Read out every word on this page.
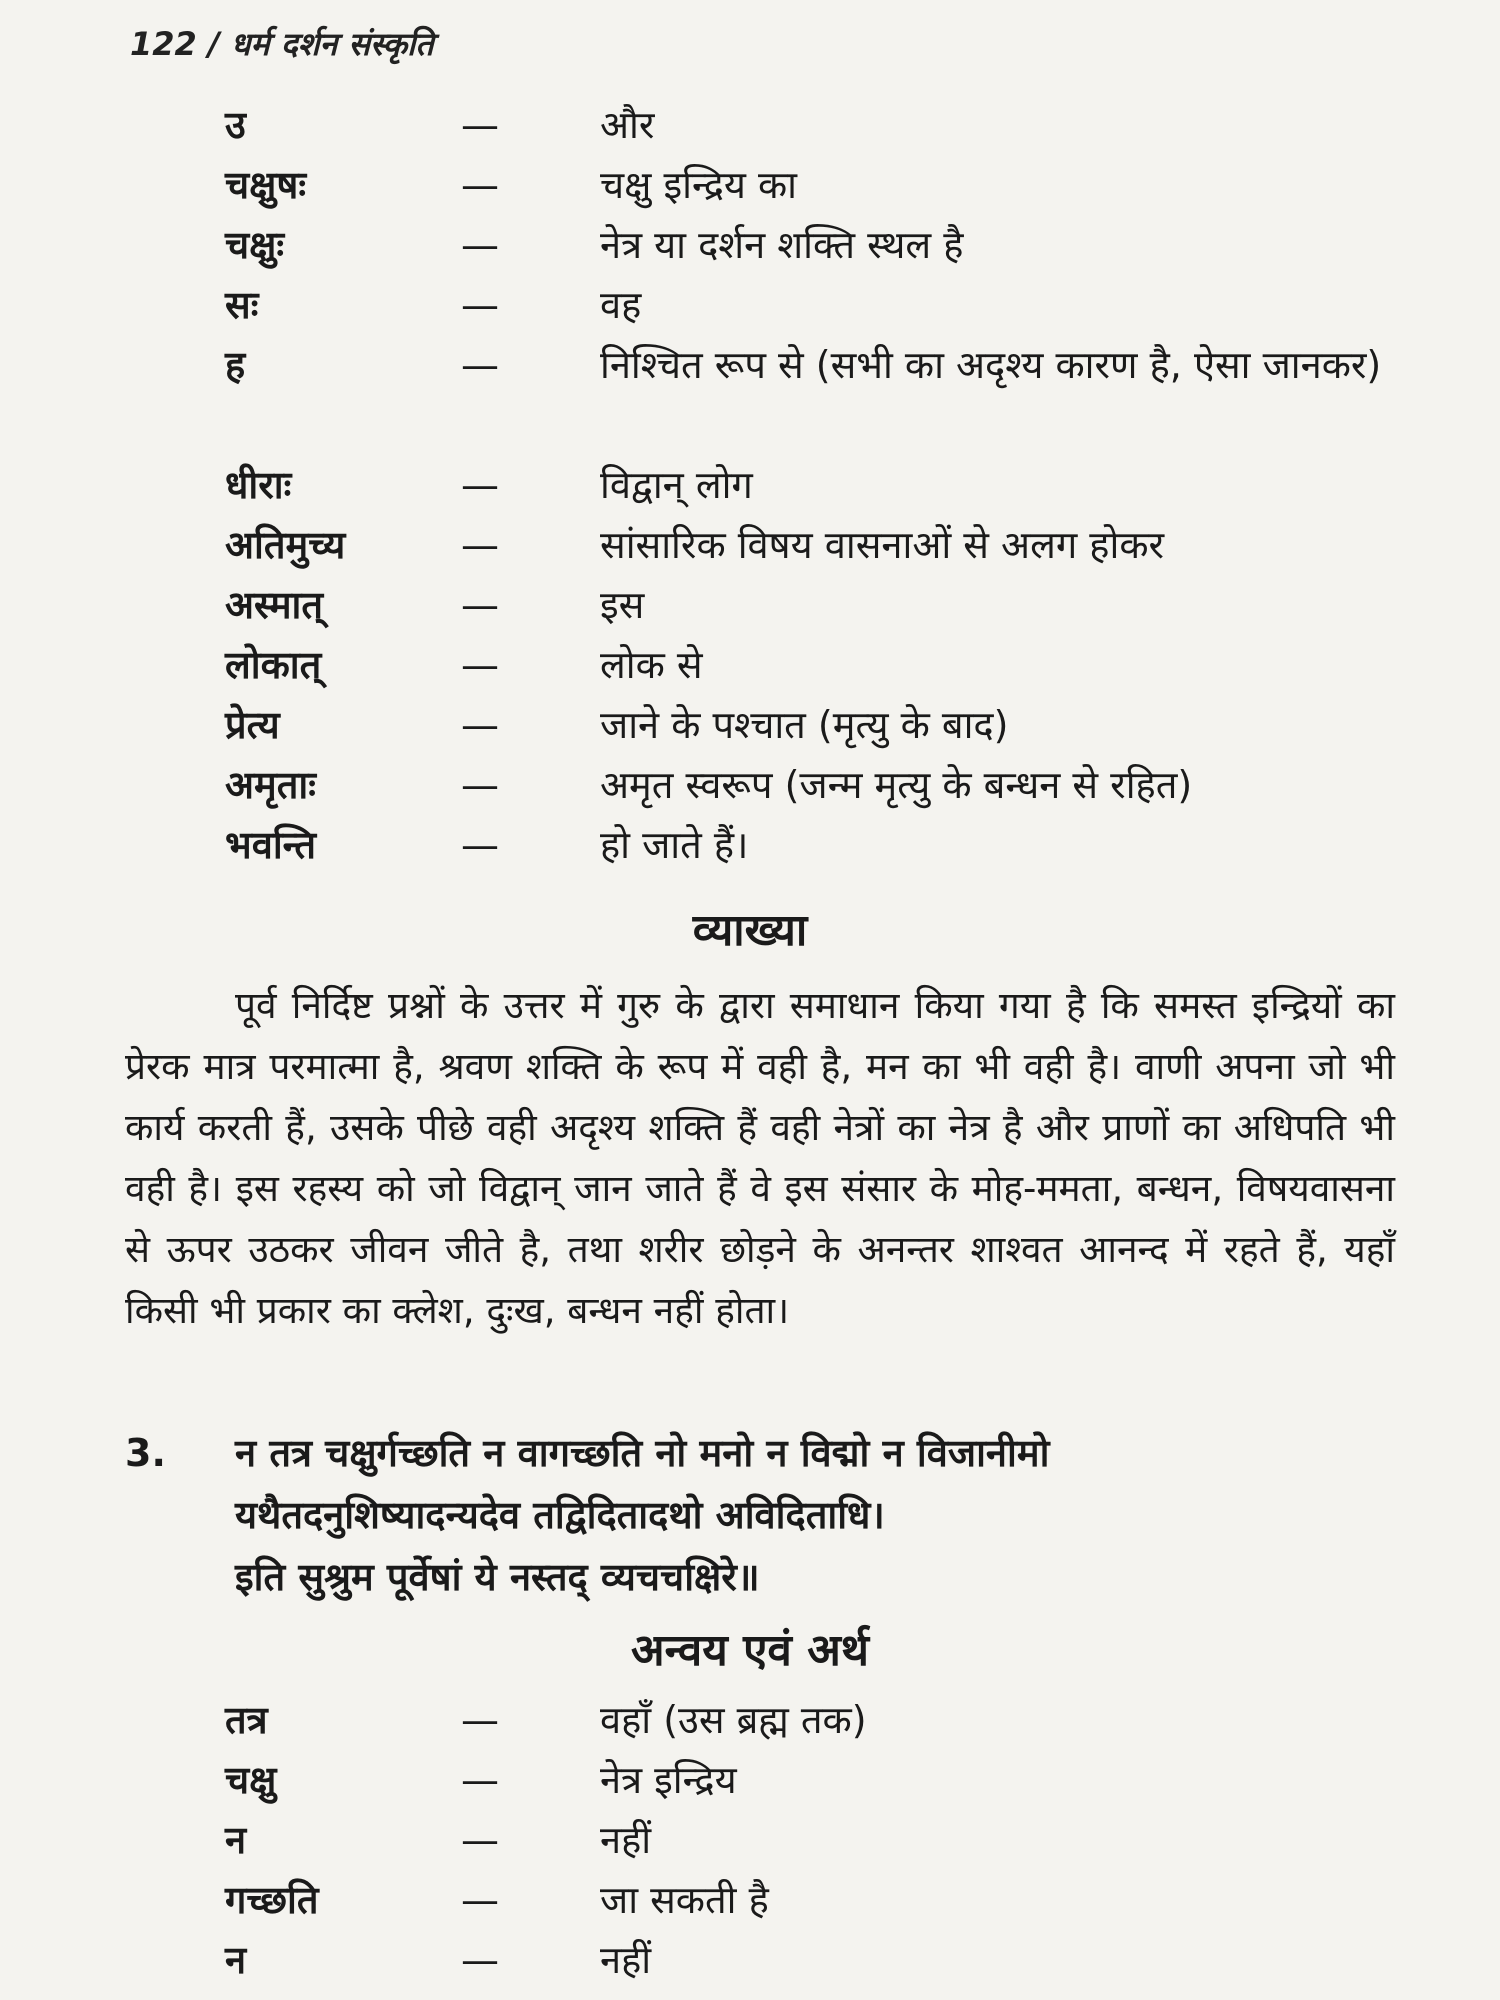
122 / धर्म दर्शन संस्कृति
उ	—	और
चक्षुषः	—	चक्षु इन्द्रिय का
चक्षुः	—	नेत्र या दर्शन शक्ति स्थल है
सः	—	वह
ह	—	निश्चित रूप से (सभी का अदृश्य कारण है, ऐसा जानकर)
धीराः	—	विद्वान् लोग
अतिमुच्य	—	सांसारिक विषय वासनाओं से अलग होकर
अस्मात्	—	इस
लोकात्	—	लोक से
प्रेत्य	—	जाने के पश्चात (मृत्यु के बाद)
अमृताः	—	अमृत स्वरूप (जन्म मृत्यु के बन्धन से रहित)
भवन्ति	—	हो जाते हैं।
व्याख्या

पूर्व निर्दिष्ट प्रश्नों के उत्तर में गुरु के द्वारा समाधान किया गया है कि समस्त इन्द्रियों का प्रेरक मात्र परमात्मा है, श्रवण शक्ति के रूप में वही है, मन का भी वही है। वाणी अपना जो भी कार्य करती हैं, उसके पीछे वही अदृश्य शक्ति हैं वही नेत्रों का नेत्र है और प्राणों का अधिपति भी वही है। इस रहस्य को जो विद्वान् जान जाते हैं वे इस संसार के मोह-ममता, बन्धन, विषयवासना से ऊपर उठकर जीवन जीते है, तथा शरीर छोड़ने के अनन्तर शाश्वत आनन्द में रहते हैं, यहाँ किसी भी प्रकार का क्लेश, दुःख, बन्धन नहीं होता।

3. न तत्र चक्षुर्गच्छति न वागच्छति नो मनो न विद्मो न विजानीमो
यथैतदनुशिष्यादन्यदेव तद्विदितादथो अविदिताधि।
इति सुश्रुम पूर्वेषां ये नस्तद् व्यचचक्षिरे॥
अन्वय एवं अर्थ
तत्र	—	वहाँ (उस ब्रह्म तक)
चक्षु	—	नेत्र इन्द्रिय
न	—	नहीं
गच्छति	—	जा सकती है
न	—	नहीं
